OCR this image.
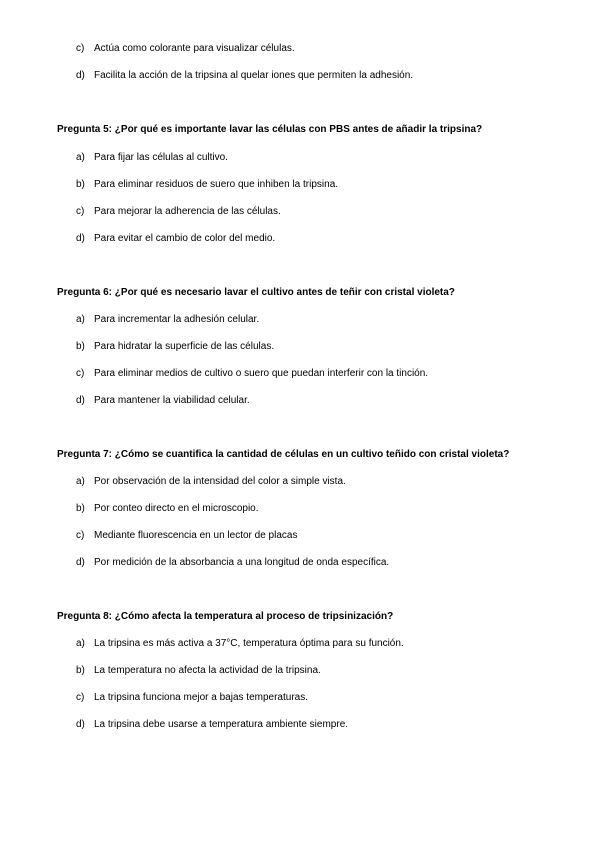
c) Actúa como colorante para visualizar células.
d) Facilita la acción de la tripsina al quelar iones que permiten la adhesión.
Pregunta 5: ¿Por qué es importante lavar las células con PBS antes de añadir la tripsina?
a) Para fijar las células al cultivo.
b) Para eliminar residuos de suero que inhiben la tripsina.
c) Para mejorar la adherencia de las células.
d) Para evitar el cambio de color del medio.
Pregunta 6: ¿Por qué es necesario lavar el cultivo antes de teñir con cristal violeta?
a) Para incrementar la adhesión celular.
b) Para hidratar la superficie de las células.
c) Para eliminar medios de cultivo o suero que puedan interferir con la tinción.
d) Para mantener la viabilidad celular.
Pregunta 7: ¿Cómo se cuantifica la cantidad de células en un cultivo teñido con cristal violeta?
a) Por observación de la intensidad del color a simple vista.
b) Por conteo directo en el microscopio.
c) Mediante fluorescencia en un lector de placas
d) Por medición de la absorbancia a una longitud de onda específica.
Pregunta 8: ¿Cómo afecta la temperatura al proceso de tripsinización?
a) La tripsina es más activa a 37°C, temperatura óptima para su función.
b) La temperatura no afecta la actividad de la tripsina.
c) La tripsina funciona mejor a bajas temperaturas.
d) La tripsina debe usarse a temperatura ambiente siempre.
